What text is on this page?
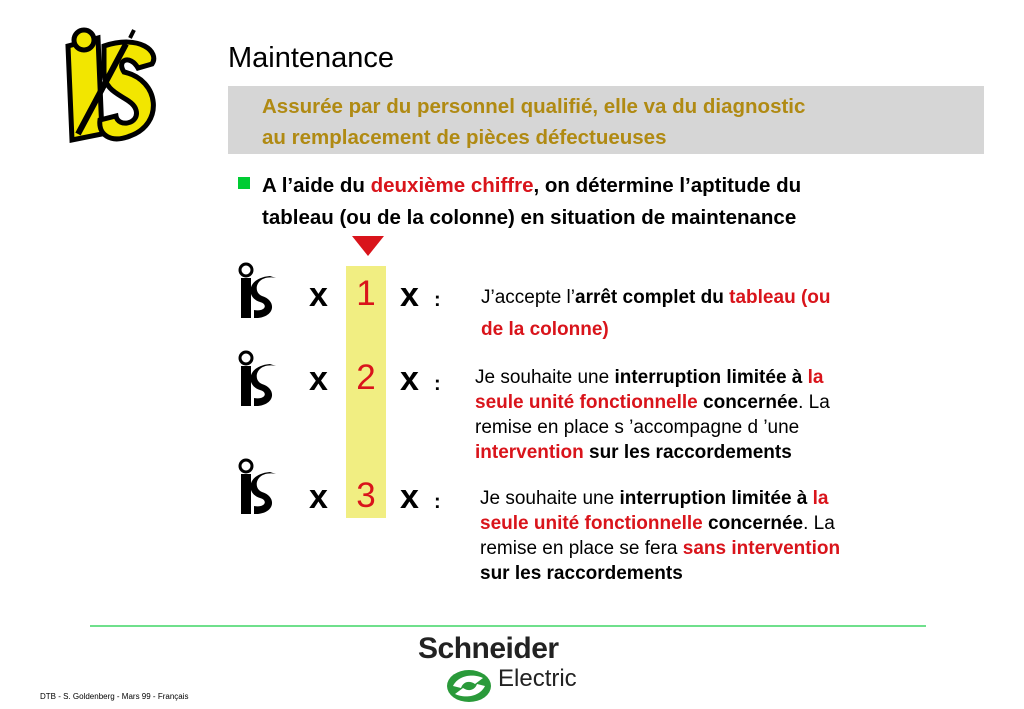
Maintenance
Assurée par du personnel qualifié, elle va du diagnostic
au remplacement de pièces défectueuses
A l’aide du deuxième chiffre, on détermine l’aptitude du
tableau (ou de la colonne) en situation de maintenance
x 1 x : J’accepte l’arrêt complet du tableau (ou
de la colonne)
x 2 x : Je souhaite une interruption limitée à la
seule unité fonctionnelle concernée. La
remise en place s ’accompagne d ’une
intervention sur les raccordements
x 3 x : Je souhaite une interruption limitée à la
seule unité fonctionnelle concernée. La
remise en place se fera sans intervention
sur les raccordements
Schneider
Electric
DTB - S. Goldenberg - Mars 99 - Français
